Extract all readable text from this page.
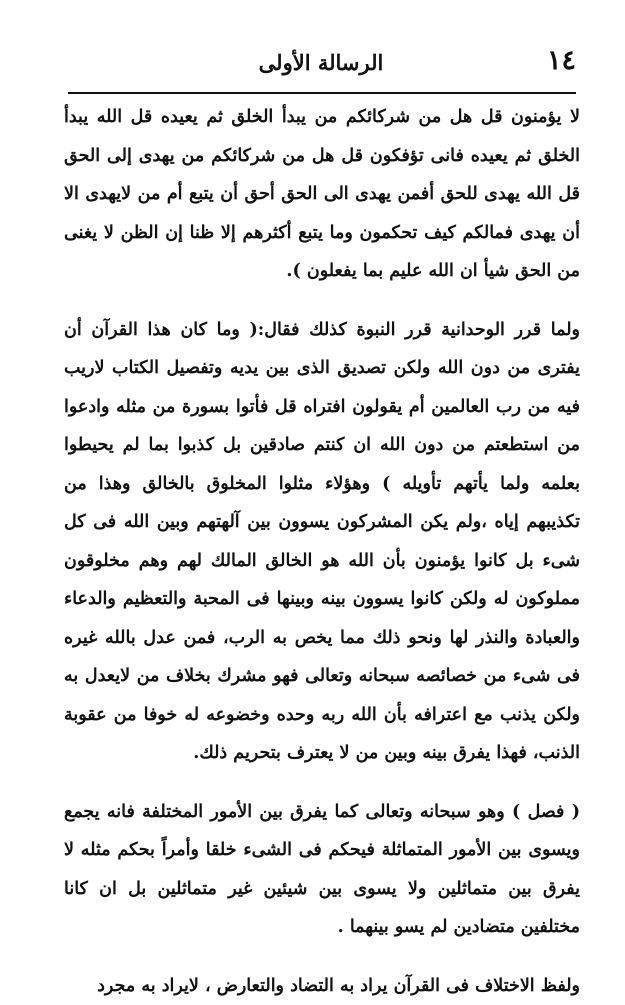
١٤
الرسالة الأولى

لا يؤمنون قل هل من شركائكم من يبدأ الخلق ثم يعيده قل الله يبدأ الخلق ثم يعيده فانى تؤفكون قل هل من شركائكم من يهدى إلى الحق قل الله يهدى للحق أفمن يهدى الى الحق أحق أن يتبع أم من لايهدى الا أن يهدى فمالكم كيف تحكمون وما يتبع أكثرهم إلا ظنا إن الظن لا يغنى من الحق شيأ ان الله عليم بما يفعلون ).

ولما قرر الوحدانية قرر النبوة كذلك فقال:( وما كان هذا القرآن أن يفترى من دون الله ولكن تصديق الذى بين يديه وتفصيل الكتاب لاريب فيه من رب العالمين أم يقولون افتراه قل فأتوا بسورة من مثله وادعوا من استطعتم من دون الله ان كنتم صادقين بل كذبوا بما لم يحيطوا بعلمه ولما يأتهم تأويله ) وهؤلاء مثلوا المخلوق بالخالق وهذا من تكذيبهم إياه ،ولم يكن المشركون يسوون بين آلهتهم وبين الله فى كل شىء بل كانوا يؤمنون بأن الله هو الخالق المالك لهم وهم مخلوقون مملوكون له ولكن كانوا يسوون بينه وبينها فى المحبة والتعظيم والدعاء والعبادة والنذر لها ونحو ذلك مما يخص به الرب، فمن عدل بالله غيره فى شىء من خصائصه سبحانه وتعالى فهو مشرك بخلاف من لايعدل به ولكن يذنب مع اعترافه بأن الله ربه وحده وخضوعه له خوفا من عقوبة الذنب، فهذا يفرق بينه وبين من لا يعترف بتحريم ذلك.

( فصل ) وهو سبحانه وتعالى كما يفرق بين الأمور المختلفة فانه يجمع ويسوى بين الأمور المتماثلة فيحكم فى الشىء خلقا وأمراً بحكم مثله لا يفرق بين متماثلين ولا يسوى بين شيئين غير متماثلين بل ان كانا مختلفين متضادين لم يسو بينهما .

ولفظ الاختلاف فى القرآن يراد به التضاد والتعارض ، لايراد به مجرد
